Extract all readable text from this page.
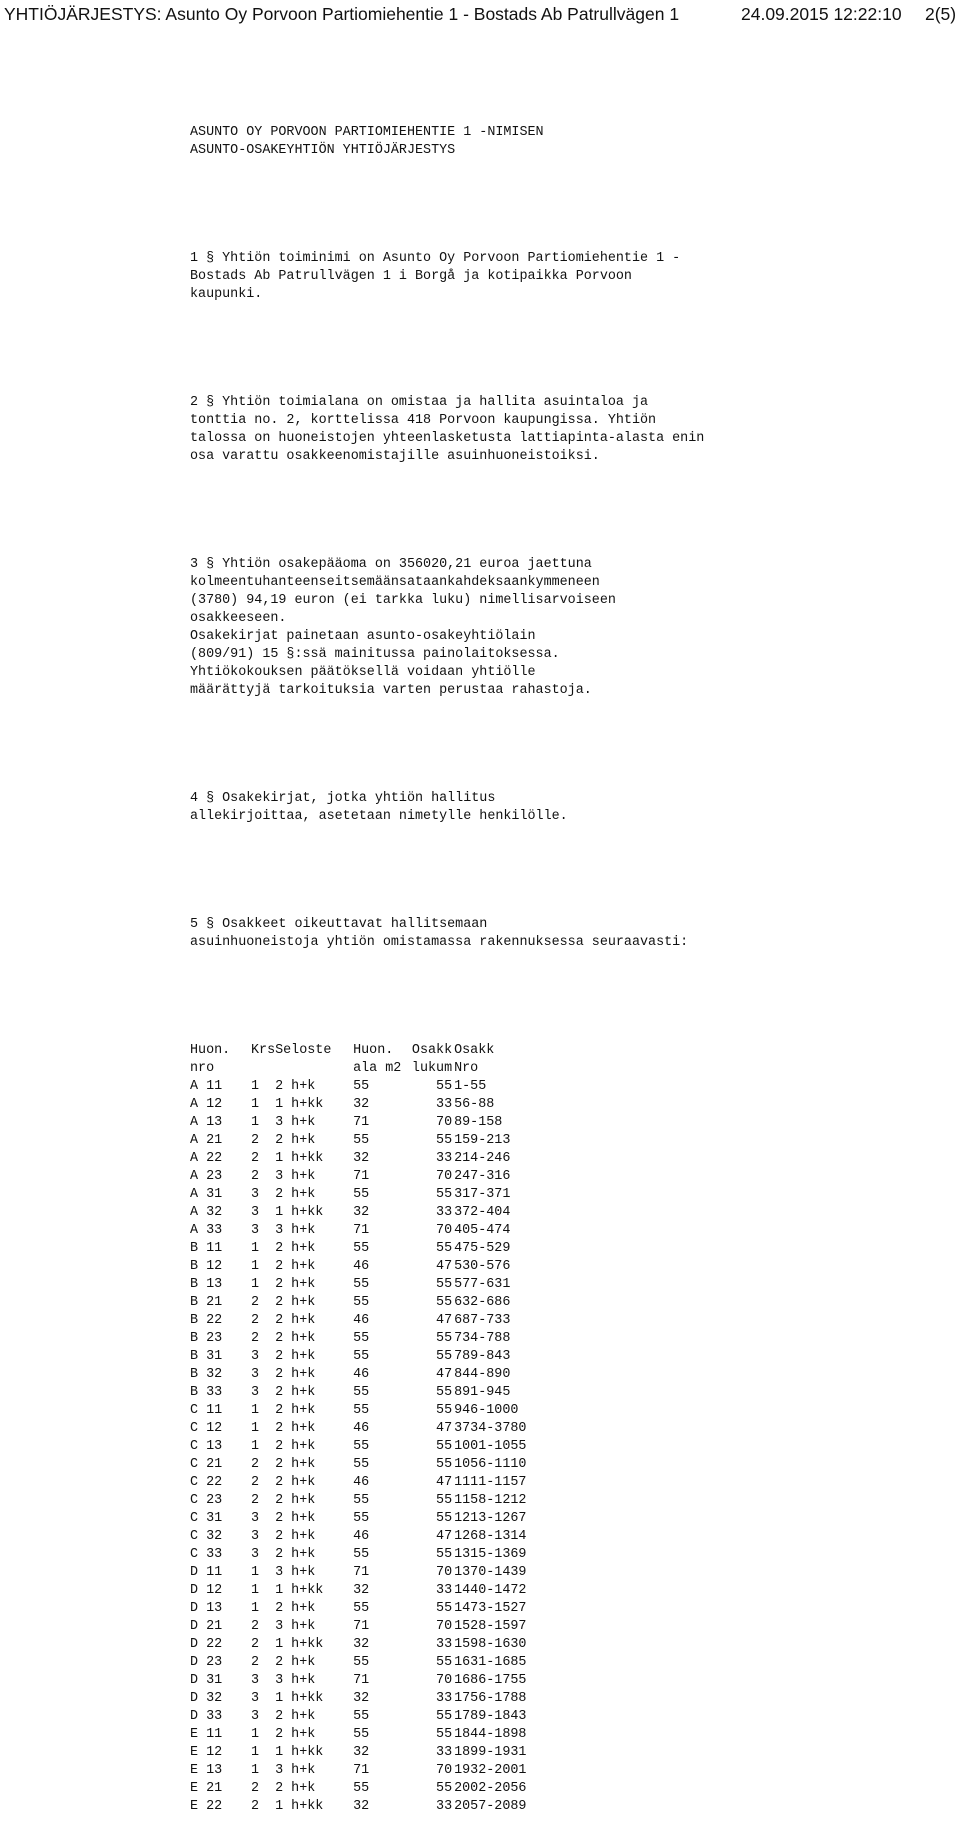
YHTIÖJÄRJESTYS: Asunto Oy Porvoon Partiomiehentie 1 - Bostads Ab Patrullvägen 1	24.09.2015 12:22:10 2(5)

ASUNTO OY PORVOON PARTIOMIEHENTIE 1 -NIMISEN
ASUNTO-OSAKEYHTIÖN YHTIÖJÄRJESTYS

1 § Yhtiön toiminimi on Asunto Oy Porvoon Partiomiehentie 1 -
Bostads Ab Patrullvägen 1 i Borgå ja kotipaikka Porvoon
kaupunki.

2 § Yhtiön toimialana on omistaa ja hallita asuintaloa ja
tonttia no. 2, korttelissa 418 Porvoon kaupungissa. Yhtiön
talossa on huoneistojen yhteenlasketusta lattiapinta-alasta enin
osa varattu osakkeenomistajille asuinhuoneistoiksi.

3 § Yhtiön osakepääoma on 356020,21 euroa jaettuna
kolmeentuhanteenseitsemäänsataankahdeksaankymmeneen
(3780) 94,19 euron (ei tarkka luku) nimellisarvoiseen
osakkeeseen.
Osakekirjat painetaan asunto-osakeyhtiölain
(809/91) 15 §:ssä mainitussa painolaitoksessa.
Yhtiökokouksen päätöksellä voidaan yhtiölle
määrättyjä tarkoituksia varten perustaa rahastoja.

4 § Osakekirjat, jotka yhtiön hallitus
allekirjoittaa, asetetaan nimetylle henkilölle.

5 § Osakkeet oikeuttavat hallitsemaan
asuinhuoneistoja yhtiön omistamassa rakennuksessa seuraavasti:

Huon.	Krs	Seloste	Huon.	Osakk	Osakk
nro			ala m2	lukum	Nro
A 11	1	2 h+k	55	55	1-55
A 12	1	1 h+kk	32	33	56-88
A 13	1	3 h+k	71	70	89-158
A 21	2	2 h+k	55	55	159-213
A 22	2	1 h+kk	32	33	214-246
A 23	2	3 h+k	71	70	247-316
A 31	3	2 h+k	55	55	317-371
A 32	3	1 h+kk	32	33	372-404
A 33	3	3 h+k	71	70	405-474
B 11	1	2 h+k	55	55	475-529
B 12	1	2 h+k	46	47	530-576
B 13	1	2 h+k	55	55	577-631
B 21	2	2 h+k	55	55	632-686
B 22	2	2 h+k	46	47	687-733
B 23	2	2 h+k	55	55	734-788
B 31	3	2 h+k	55	55	789-843
B 32	3	2 h+k	46	47	844-890
B 33	3	2 h+k	55	55	891-945
C 11	1	2 h+k	55	55	946-1000
C 12	1	2 h+k	46	47	3734-3780
C 13	1	2 h+k	55	55	1001-1055
C 21	2	2 h+k	55	55	1056-1110
C 22	2	2 h+k	46	47	1111-1157
C 23	2	2 h+k	55	55	1158-1212
C 31	3	2 h+k	55	55	1213-1267
C 32	3	2 h+k	46	47	1268-1314
C 33	3	2 h+k	55	55	1315-1369
D 11	1	3 h+k	71	70	1370-1439
D 12	1	1 h+kk	32	33	1440-1472
D 13	1	2 h+k	55	55	1473-1527
D 21	2	3 h+k	71	70	1528-1597
D 22	2	1 h+kk	32	33	1598-1630
D 23	2	2 h+k	55	55	1631-1685
D 31	3	3 h+k	71	70	1686-1755
D 32	3	1 h+kk	32	33	1756-1788
D 33	3	2 h+k	55	55	1789-1843
E 11	1	2 h+k	55	55	1844-1898
E 12	1	1 h+kk	32	33	1899-1931
E 13	1	3 h+k	71	70	1932-2001
E 21	2	2 h+k	55	55	2002-2056
E 22	2	1 h+kk	32	33	2057-2089
